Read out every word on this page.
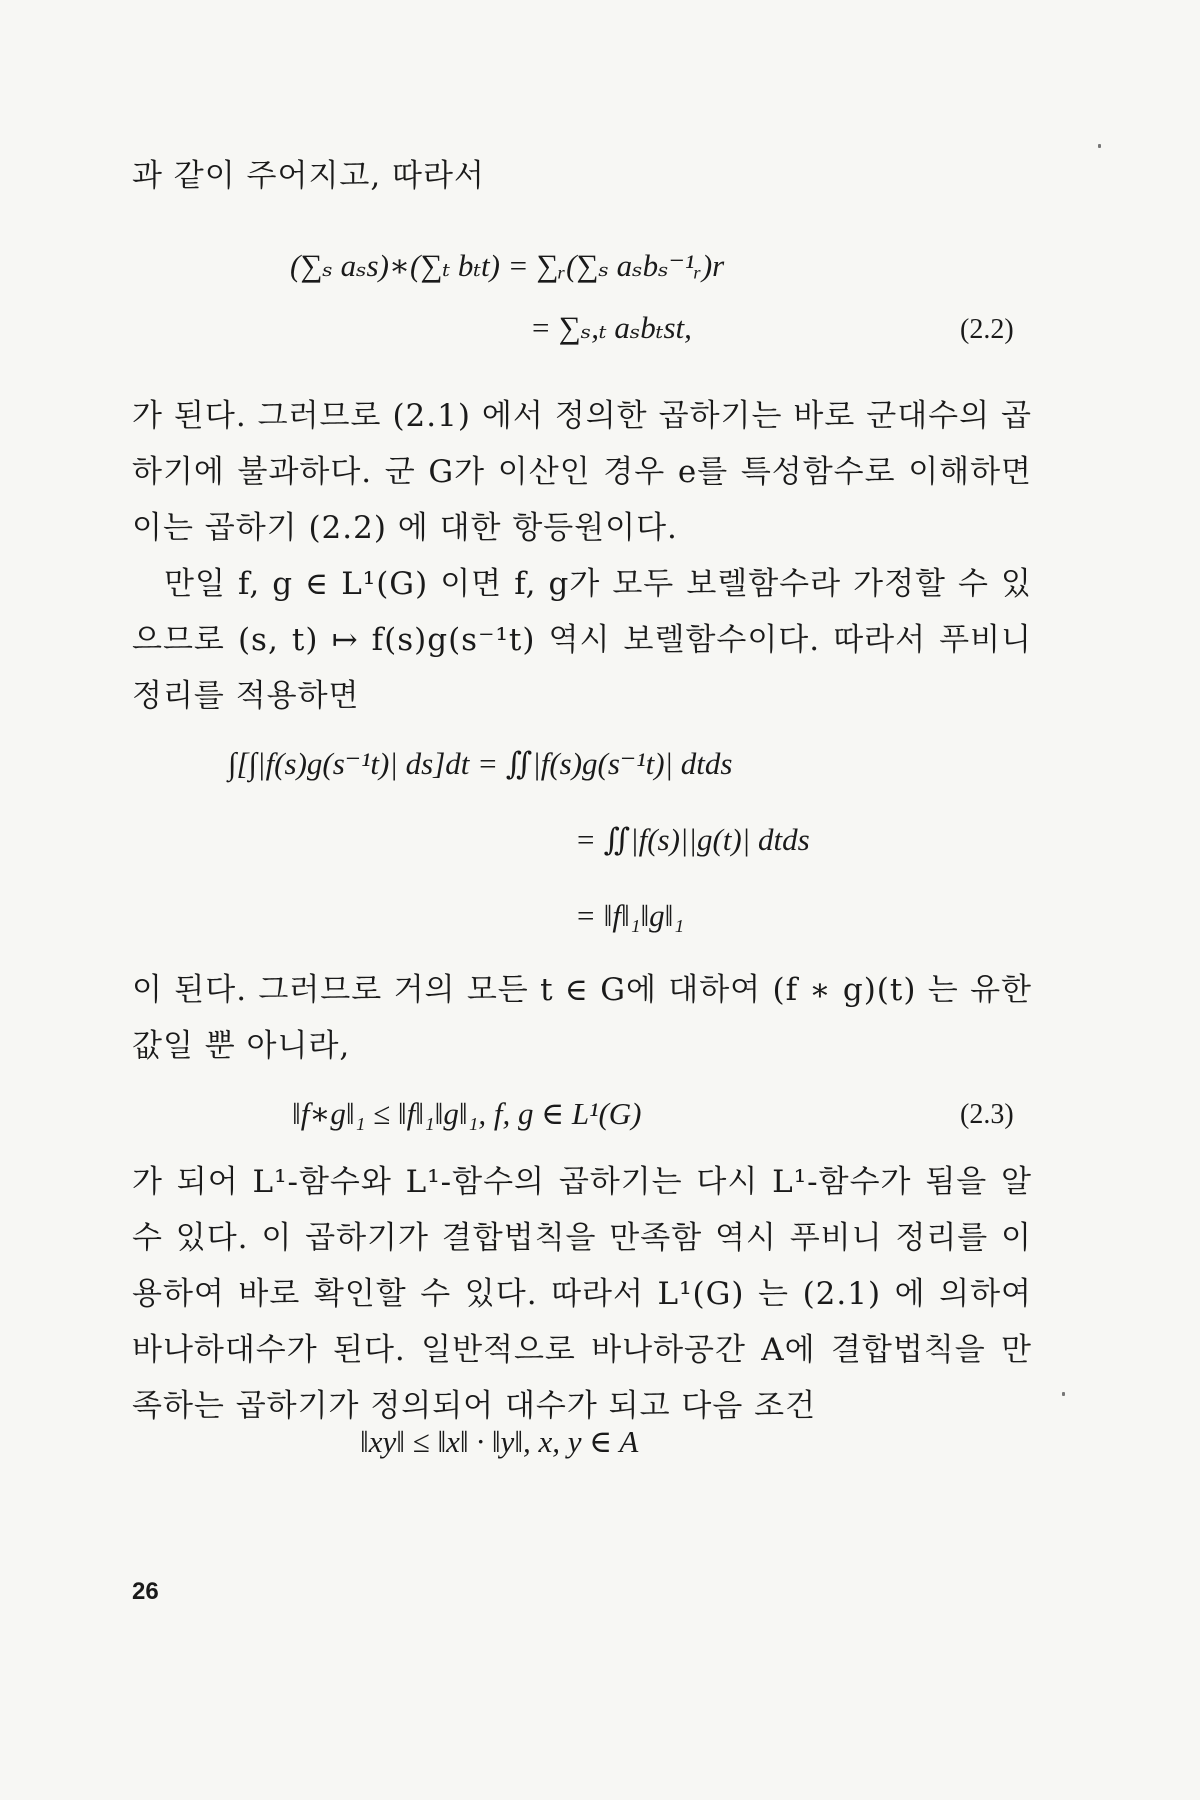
과 같이 주어지고, 따라서
(∑ₛ aₛs)∗(∑ₜ bₜt) = ∑ᵣ(∑ₛ aₛbₛ⁻¹ᵣ)r
= ∑ₛ,ₜ aₛbₜst,	(2.2)
가 된다. 그러므로 (2.1) 에서 정의한 곱하기는 바로 군대수의 곱하기에 불과하다. 군 G가 이산인 경우 e를 특성함수로 이해하면 이는 곱하기 (2.2) 에 대한 항등원이다.
만일 f, g ∈ L¹(G) 이면 f, g가 모두 보렐함수라 가정할 수 있으므로 (s, t) ↦ f(s)g(s⁻¹t) 역시 보렐함수이다. 따라서 푸비니 정리를 적용하면
∫[∫|f(s)g(s⁻¹t)| ds]dt = ∬|f(s)g(s⁻¹t)| dtds
= ∬|f(s)||g(t)| dtds
= ‖f‖₁‖g‖₁
이 된다. 그러므로 거의 모든 t ∈ G에 대하여 (f ∗ g)(t) 는 유한값일 뿐 아니라,
‖f∗g‖₁ ≤ ‖f‖₁‖g‖₁, f, g ∈ L¹(G)	(2.3)
가 되어 L¹-함수와 L¹-함수의 곱하기는 다시 L¹-함수가 됨을 알 수 있다. 이 곱하기가 결합법칙을 만족함 역시 푸비니 정리를 이용하여 바로 확인할 수 있다. 따라서 L¹(G) 는 (2.1) 에 의하여 바나하대수가 된다. 일반적으로 바나하공간 A에 결합법칙을 만족하는 곱하기가 정의되어 대수가 되고 다음 조건
‖xy‖ ≤ ‖x‖ · ‖y‖, x, y ∈ A
26
